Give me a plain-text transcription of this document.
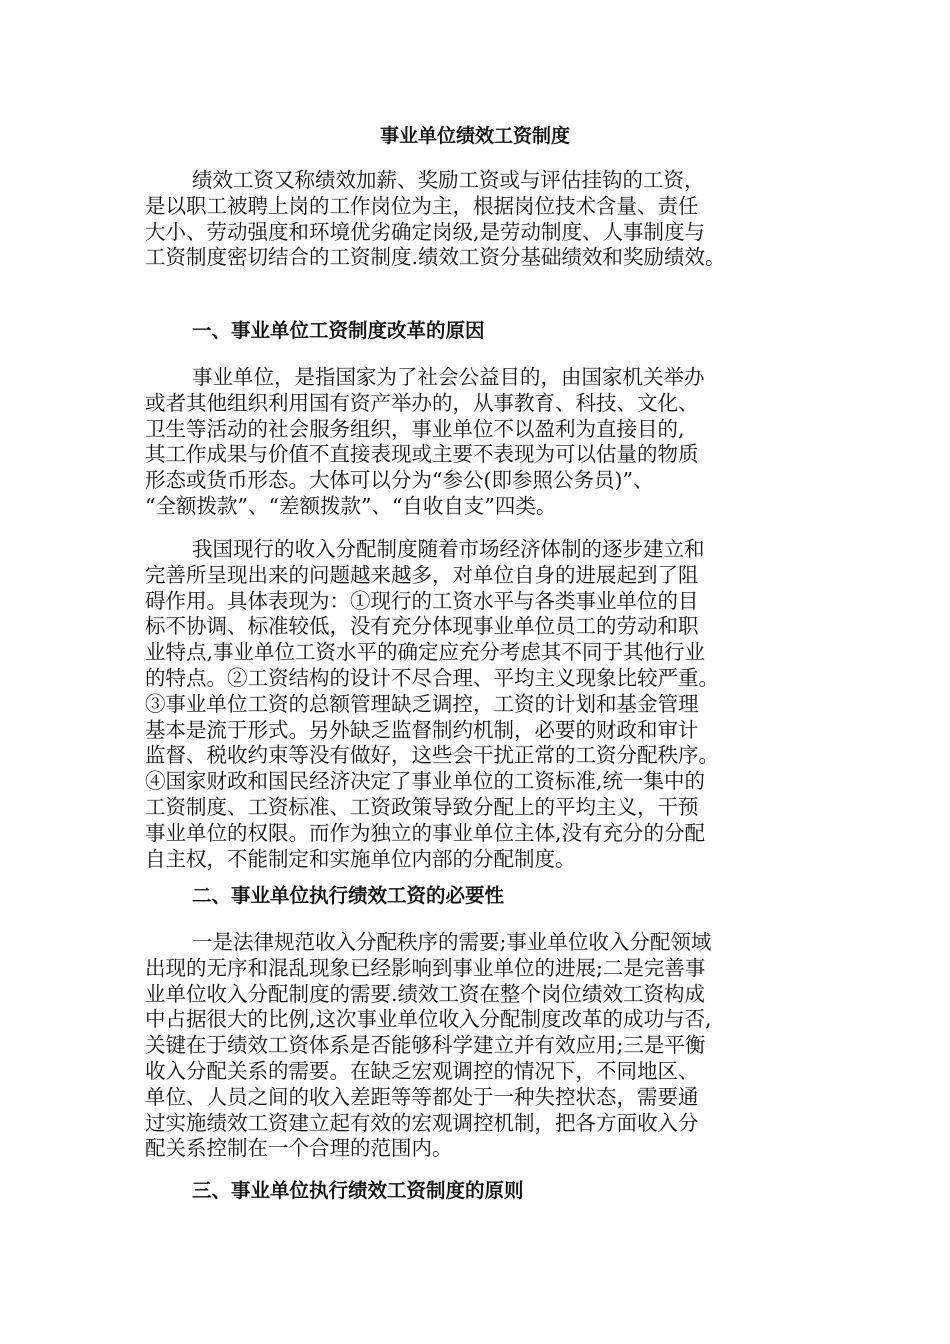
事业单位绩效工资制度
绩效工资又称绩效加薪、奖励工资或与评估挂钩的工资，
是以职工被聘上岗的工作岗位为主，根据岗位技术含量、责任
大小、劳动强度和环境优劣确定岗级,是劳动制度、人事制度与
工资制度密切结合的工资制度.绩效工资分基础绩效和奖励绩效。
一、事业单位工资制度改革的原因
事业单位，是指国家为了社会公益目的，由国家机关举办
或者其他组织利用国有资产举办的，从事教育、科技、文化、
卫生等活动的社会服务组织，事业单位不以盈利为直接目的,
其工作成果与价值不直接表现或主要不表现为可以估量的物质
形态或货币形态。大体可以分为“参公(即参照公务员)”、
“全额拨款”、“差额拨款”、“自收自支”四类。
我国现行的收入分配制度随着市场经济体制的逐步建立和
完善所呈现出来的问题越来越多，对单位自身的进展起到了阻
碍作用。具体表现为：①现行的工资水平与各类事业单位的目
标不协调、标准较低，没有充分体现事业单位员工的劳动和职
业特点,事业单位工资水平的确定应充分考虑其不同于其他行业
的特点。②工资结构的设计不尽合理、平均主义现象比较严重。
③事业单位工资的总额管理缺乏调控，工资的计划和基金管理
基本是流于形式。另外缺乏监督制约机制，必要的财政和审计
监督、税收约束等没有做好，这些会干扰正常的工资分配秩序。
④国家财政和国民经济决定了事业单位的工资标准,统一集中的
工资制度、工资标准、工资政策导致分配上的平均主义，干预
事业单位的权限。而作为独立的事业单位主体,没有充分的分配
自主权，不能制定和实施单位内部的分配制度。
二、事业单位执行绩效工资的必要性
一是法律规范收入分配秩序的需要;事业单位收入分配领域
出现的无序和混乱现象已经影响到事业单位的进展;二是完善事
业单位收入分配制度的需要.绩效工资在整个岗位绩效工资构成
中占据很大的比例,这次事业单位收入分配制度改革的成功与否,
关键在于绩效工资体系是否能够科学建立并有效应用;三是平衡
收入分配关系的需要。在缺乏宏观调控的情况下，不同地区、
单位、人员之间的收入差距等等都处于一种失控状态，需要通
过实施绩效工资建立起有效的宏观调控机制，把各方面收入分
配关系控制在一个合理的范围内。
三、事业单位执行绩效工资制度的原则
